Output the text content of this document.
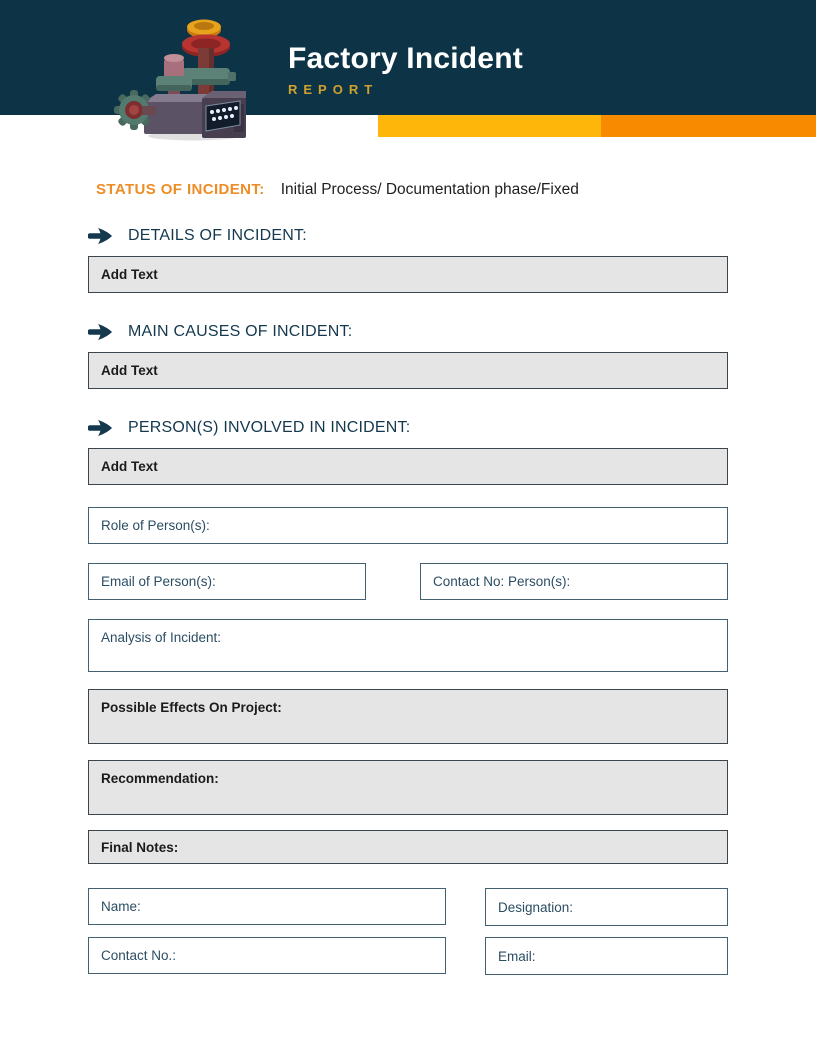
Factory Incident
REPORT
STATUS OF INCIDENT: Initial Process/ Documentation phase/Fixed
DETAILS OF INCIDENT:
Add Text
MAIN CAUSES OF INCIDENT:
Add Text
PERSON(S) INVOLVED IN INCIDENT:
Add Text
Role of Person(s):
Email of Person(s):	Contact No: Person(s):
Analysis of Incident:
Possible Effects On Project:
Recommendation:
Final Notes:
Name:	Designation:
Contact No.:	Email:
